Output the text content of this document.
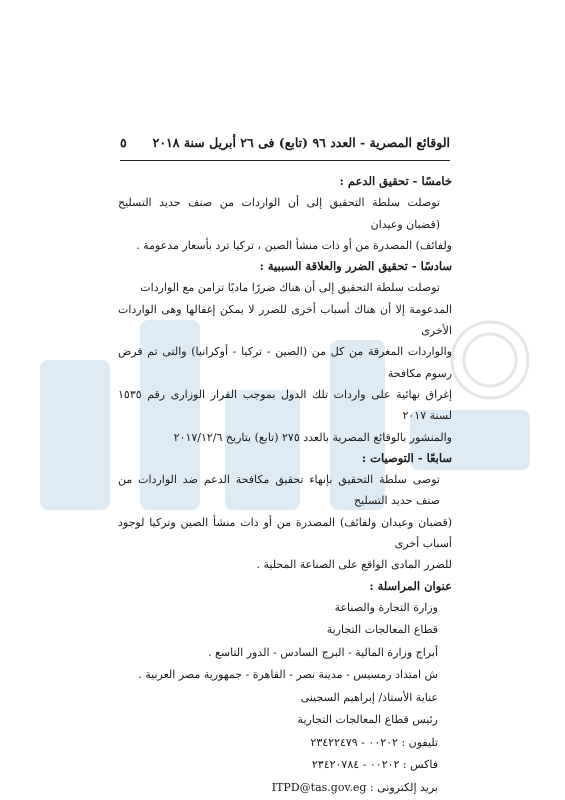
الوقائع المصرية - العدد ٩٦ (تابع) فى ٢٦ أبريل سنة ٢٠١٨
٥

خامسًا - تحقيق الدعم :

توصلت سلطة التحقيق إلى أن الواردات من صنف حديد التسليح (قضبان وعيدان

ولفائف) المصدرة من أو ذات منشأ الصين ، تركيا ترد بأسعار مدعومة .

سادسًا - تحقيق الضرر والعلاقة السببية :

توصلت سلطة التحقيق إلى أن هناك ضررًا ماديًا تزامن مع الواردات

المدعومة إلا أن هناك أسباب أخرى للضرر لا يمكن إغفالها وهى الواردات الأخرى

والواردات المغرقة من كل من (الصين - تركيا - أوكرانيا) والتى تم فرض رسوم مكافحة

إغراق نهائية على واردات تلك الدول بموجب القرار الوزارى رقم ١٥٣٥ لسنة ٢٠١٧

والمنشور بالوقائع المصرية بالعدد ٢٧٥ (تابع) بتاريخ ٢٠١٧/١٢/٦

سابعًا - التوصيات :

توصى سلطة التحقيق بإنهاء تحقيق مكافحة الدعم ضد الواردات من صنف حديد التسليح

(قضبان وعيدان ولفائف) المصدرة من أو ذات منشأ الصين وتركيا لوجود أسباب أخرى

للضرر المادى الواقع على الصناعة المحلية .

عنوان المراسلة :

وزارة التجارة والصناعة

قطاع المعالجات التجارية

أبراج وزارة المالية - البرج السادس - الدور التاسع .

ش امتداد رمسيس - مدينة نصر - القاهرة - جمهورية مصر العربية .

عناية الأستاذ/ إبراهيم السجينى

رئيس قطاع المعالجات التجارية

تليفون : ٠٠٢٠٢ - ٢٣٤٢٢٤٧٩

فاكس : ٠٠٢٠٢ - ٢٣٤٢٠٧٨٤

بريد إلكترونى : ITPD@tas.gov.eg
